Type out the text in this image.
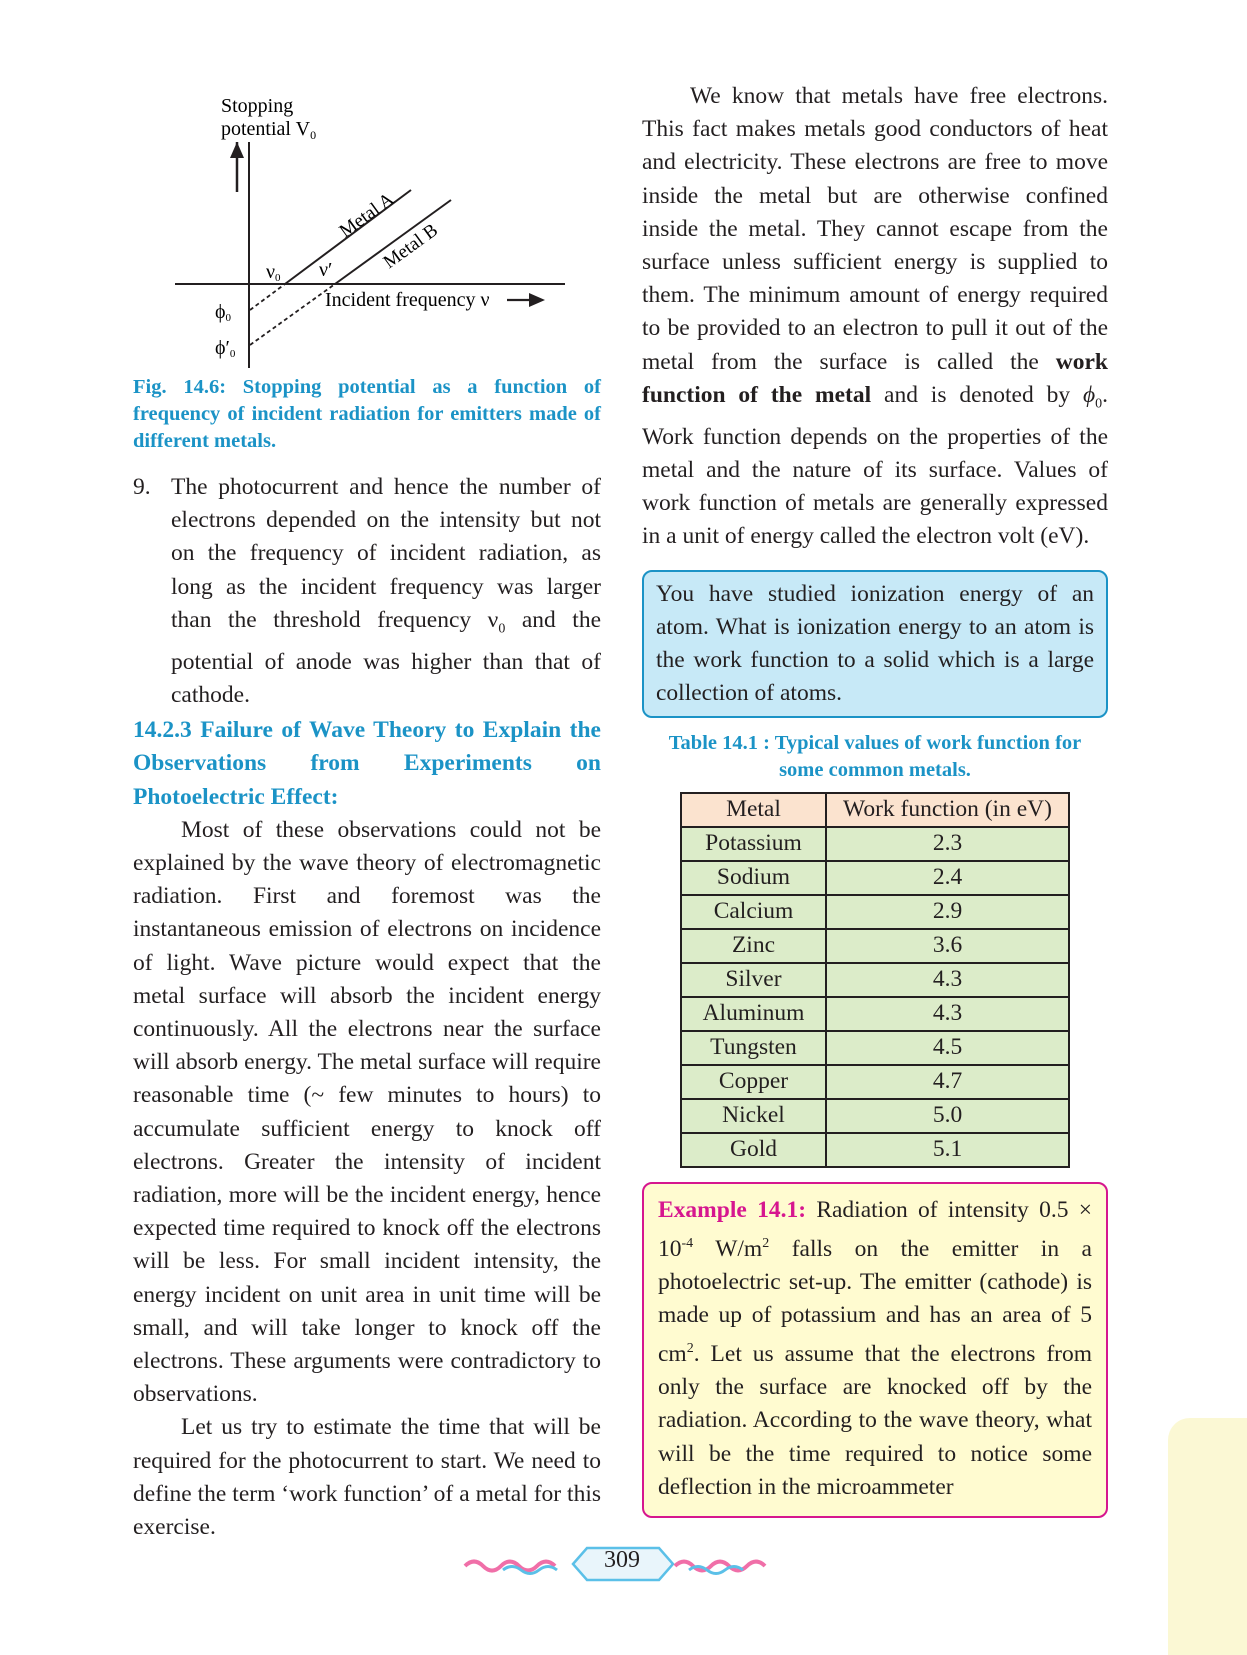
Stopping
potential $V_0$
Metal A
Metal B
ν0 ν′
Incident frequency ν
ϕ0
ϕ′0

Fig. 14.6: Stopping potential as a function of frequency of incident radiation for emitters made of different metals.

9. The photocurrent and hence the number of electrons depended on the intensity but not on the frequency of incident radiation, as long as the incident frequency was larger than the threshold frequency $\nu_0$ and the potential of anode was higher than that of cathode.

14.2.3 Failure of Wave Theory to Explain the Observations from Experiments on Photoelectric Effect:

Most of these observations could not be explained by the wave theory of electromagnetic radiation. First and foremost was the instantaneous emission of electrons on incidence of light. Wave picture would expect that the metal surface will absorb the incident energy continuously. All the electrons near the surface will absorb energy. The metal surface will require reasonable time (~ few minutes to hours) to accumulate sufficient energy to knock off electrons. Greater the intensity of incident radiation, more will be the incident energy, hence expected time required to knock off the electrons will be less. For small incident intensity, the energy incident on unit area in unit time will be small, and will take longer to knock off the electrons. These arguments were contradictory to observations.

Let us try to estimate the time that will be required for the photocurrent to start. We need to define the term ‘work function’ of a metal for this exercise.

We know that metals have free electrons. This fact makes metals good conductors of heat and electricity. These electrons are free to move inside the metal but are otherwise confined inside the metal. They cannot escape from the surface unless sufficient energy is supplied to them. The minimum amount of energy required to be provided to an electron to pull it out of the metal from the surface is called the work function of the metal and is denoted by $\phi_0$. Work function depends on the properties of the metal and the nature of its surface. Values of work function of metals are generally expressed in a unit of energy called the electron volt (eV).

You have studied ionization energy of an atom. What is ionization energy to an atom is the work function to a solid which is a large collection of atoms.
Table 14.1 : Typical values of work function for
some common metals.
Metal	Work function (in eV)
Potassium	2.3
Sodium	2.4
Calcium	2.9
Zinc	3.6
Silver	4.3
Aluminum	4.3
Tungsten	4.5
Copper	4.7
Nickel	5.0
Gold	5.1
Example 14.1: Radiation of intensity $0.5 \times 10^{-4}$ $W/m^2$ falls on the emitter in a photoelectric set-up. The emitter (cathode) is made up of potassium and has an area of 5 $cm^2$. Let us assume that the electrons from only the surface are knocked off by the radiation. According to the wave theory, what will be the time required to notice some deflection in the microammeter
309
